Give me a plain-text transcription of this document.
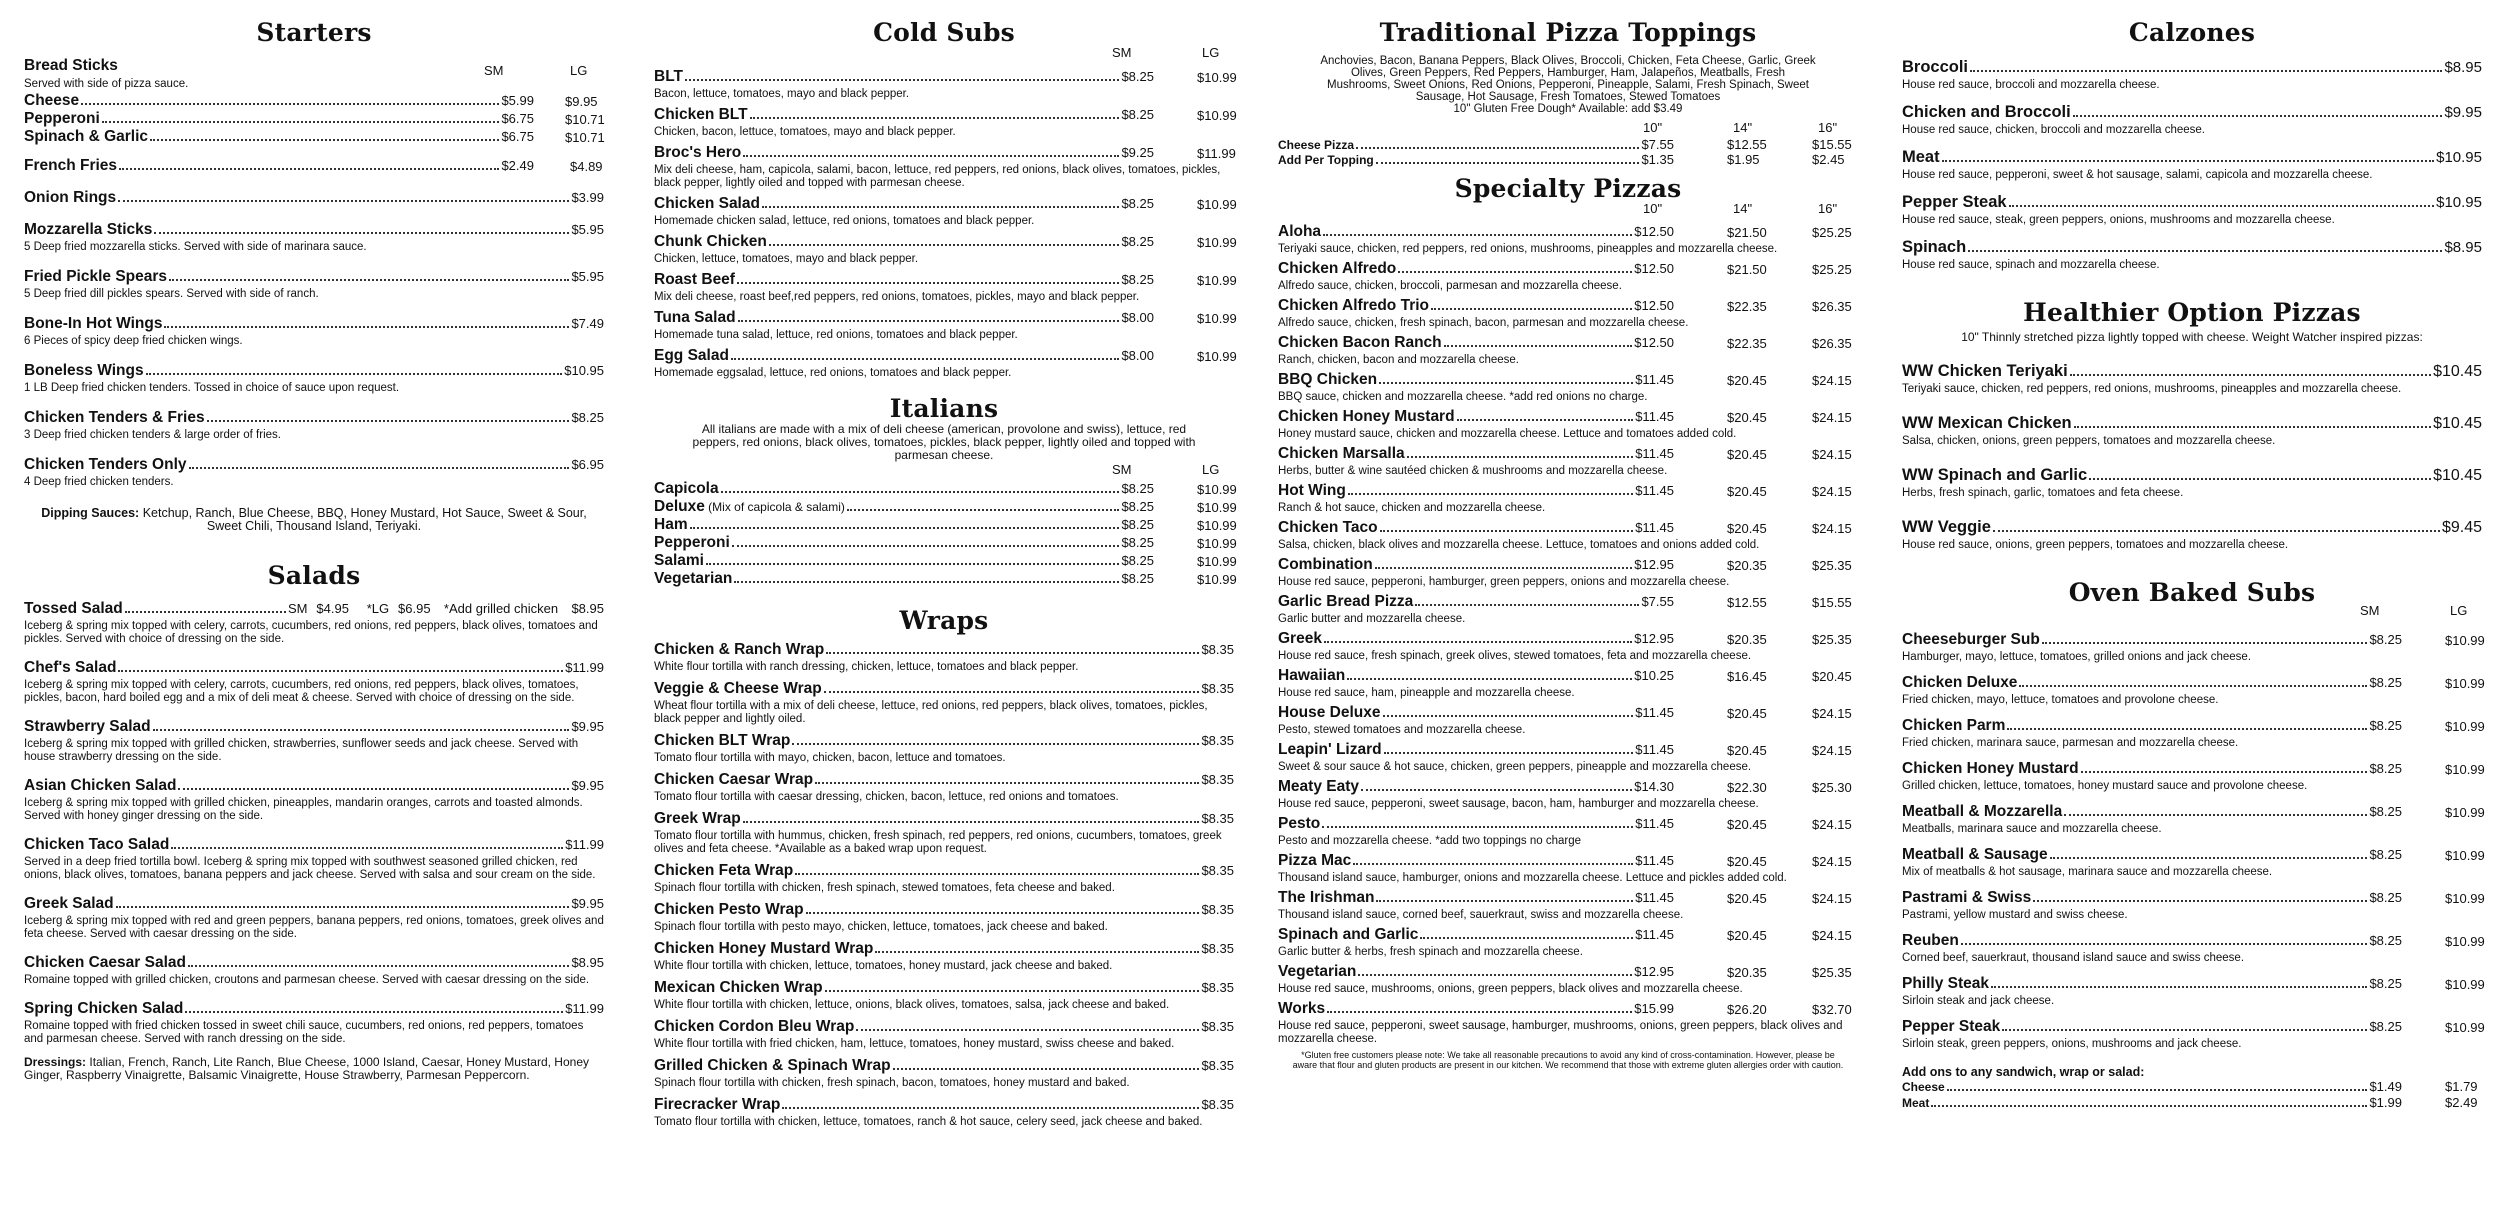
Starters
Bread Sticks	SM	LG
Served with side of pizza sauce.
Cheese	$5.99 $9.95
Pepperoni	$6.75 $10.71
Spinach & Garlic	$6.75 $10.71
French Fries	$2.49	$4.89
Onion Rings	$3.99
Mozzarella Sticks	$5.95
5 Deep fried mozzarella sticks. Served with side of marinara sauce.
Fried Pickle Spears	$5.95
5 Deep fried dill pickles spears. Served with side of ranch.
Bone-In Hot Wings	$7.49
6 Pieces of spicy deep fried chicken wings.
Boneless Wings	$10.95
1 LB Deep fried chicken tenders. Tossed in choice of sauce upon request.
Chicken Tenders & Fries	$8.25
3 Deep fried chicken tenders & large order of fries.
Chicken Tenders Only	$6.95
4 Deep fried chicken tenders.
Dipping Sauces: Ketchup, Ranch, Blue Cheese, BBQ, Honey Mustard, Hot Sauce, Sweet & Sour, Sweet Chili, Thousand Island, Teriyaki.
Salads
Tossed Salad	SM
$4.95
*LG
$6.95
*Add grilled chicken
$8.95
Iceberg & spring mix topped with celery, carrots, cucumbers, red onions, red peppers, black olives, tomatoes and pickles. Served with choice of dressing on the side.
Chef's Salad	$11.99
Iceberg & spring mix topped with celery, carrots, cucumbers, red onions, red peppers, black olives, tomatoes, pickles, bacon, hard boiled egg and a mix of deli meat & cheese. Served with choice of dressing on the side.
Strawberry Salad	$9.95
Iceberg & spring mix topped with grilled chicken, strawberries, sunflower seeds and jack cheese. Served with house strawberry dressing on the side.
Asian Chicken Salad	$9.95
Iceberg & spring mix topped with grilled chicken, pineapples, mandarin oranges, carrots and toasted almonds. Served with honey ginger dressing on the side.
Chicken Taco Salad	$11.99
Served in a deep fried tortilla bowl. Iceberg & spring mix topped with southwest seasoned grilled chicken, red onions, black olives, tomatoes, banana peppers and jack cheese. Served with salsa and sour cream on the side.
Greek Salad	$9.95
Iceberg & spring mix topped with red and green peppers, banana peppers, red onions, tomatoes, greek olives and feta cheese. Served with caesar dressing on the side.
Chicken Caesar Salad	$8.95
Romaine topped with grilled chicken, croutons and parmesan cheese. Served with caesar dressing on the side.
Spring Chicken Salad	$11.99
Romaine topped with fried chicken tossed in sweet chili sauce, cucumbers, red onions, red peppers, tomatoes and parmesan cheese. Served with ranch dressing on the side.
Dressings: Italian, French, Ranch, Lite Ranch, Blue Cheese, 1000 Island, Caesar, Honey Mustard, Honey Ginger, Raspberry Vinaigrette, Balsamic Vinaigrette, House Strawberry, Parmesan Peppercorn.
Cold Subs
SM	LG
BLT	$8.25	$10.99
Bacon, lettuce, tomatoes, mayo and black pepper.
Chicken BLT	$8.25	$10.99
Chicken, bacon, lettuce, tomatoes, mayo and black pepper.
Broc's Hero	$9.25	$11.99
Mix deli cheese, ham, capicola, salami, bacon, lettuce, red peppers, red onions, black olives, tomatoes, pickles, black pepper, lightly oiled and topped with parmesan cheese.
Chicken Salad	$8.25	$10.99
Homemade chicken salad, lettuce, red onions, tomatoes and black pepper.
Chunk Chicken	$8.25	$10.99
Chicken, lettuce, tomatoes, mayo and black pepper.
Roast Beef	$8.25	$10.99
Mix deli cheese, roast beef,red peppers, red onions, tomatoes, pickles, mayo and black pepper.
Tuna Salad	$8.00	$10.99
Homemade tuna salad, lettuce, red onions, tomatoes and black pepper.
Egg Salad	$8.00	$10.99
Homemade eggsalad, lettuce, red onions, tomatoes and black pepper.
Italians
All italians are made with a mix of deli cheese (american, provolone and swiss), lettuce, red peppers, red onions, black olives, tomatoes, pickles, black pepper, lightly oiled and topped with parmesan cheese.
SM	LG
Capicola	$8.25	$10.99
Deluxe (Mix of capicola & salami)	$8.25	$10.99
Ham	$8.25	$10.99
Pepperoni	$8.25	$10.99
Salami	$8.25	$10.99
Vegetarian	$8.25	$10.99
Wraps
Chicken & Ranch Wrap	$8.35
White flour tortilla with ranch dressing, chicken, lettuce, tomatoes and black pepper.
Veggie & Cheese Wrap	$8.35
Wheat flour tortilla with a mix of deli cheese, lettuce, red onions, red peppers, black olives, tomatoes, pickles, black pepper and lightly oiled.
Chicken BLT Wrap	$8.35
Tomato flour tortilla with mayo, chicken, bacon, lettuce and tomatoes.
Chicken Caesar Wrap	$8.35
Tomato flour tortilla with caesar dressing, chicken, bacon, lettuce, red onions and tomatoes.
Greek Wrap	$8.35
Tomato flour tortilla with hummus, chicken, fresh spinach, red peppers, red onions, cucumbers, tomatoes, greek olives and feta cheese. *Available as a baked wrap upon request.
Chicken Feta Wrap	$8.35
Spinach flour tortilla with chicken, fresh spinach, stewed tomatoes, feta cheese and baked.
Chicken Pesto Wrap	$8.35
Spinach flour tortilla with pesto mayo, chicken, lettuce, tomatoes, jack cheese and baked.
Chicken Honey Mustard Wrap	$8.35
White flour tortilla with chicken, lettuce, tomatoes, honey mustard, jack cheese and baked.
Mexican Chicken Wrap	$8.35
White flour tortilla with chicken, lettuce, onions, black olives, tomatoes, salsa, jack cheese and baked.
Chicken Cordon Bleu Wrap	$8.35
White flour tortilla with fried chicken, ham, lettuce, tomatoes, honey mustard, swiss cheese and baked.
Grilled Chicken & Spinach Wrap	$8.35
Spinach flour tortilla with chicken, fresh spinach, bacon, tomatoes, honey mustard and baked.
Firecracker Wrap	$8.35
Tomato flour tortilla with chicken, lettuce, tomatoes, ranch & hot sauce, celery seed, jack cheese and baked.
Traditional Pizza Toppings
Anchovies, Bacon, Banana Peppers, Black Olives, Broccoli, Chicken, Feta Cheese, Garlic, Greek Olives, Green Peppers, Red Peppers, Hamburger, Ham, Jalapeños, Meatballs, Fresh Mushrooms, Sweet Onions, Red Onions, Pepperoni, Pineapple, Salami, Fresh Spinach, Sweet Sausage, Hot Sausage, Fresh Tomatoes, Stewed Tomatoes
10" Gluten Free Dough* Available: add $3.49
10"	14"	16"
Cheese Pizza	$7.55	$12.55	$15.55
Add Per Topping	$1.35	$1.95	$2.45
Specialty Pizzas
10"	14"	16"
Aloha	$12.50	$21.50	$25.25
Teriyaki sauce, chicken, red peppers, red onions, mushrooms, pineapples and mozzarella cheese.
Chicken Alfredo	$12.50	$21.50	$25.25
Alfredo sauce, chicken, broccoli, parmesan and mozzarella cheese.
Chicken Alfredo Trio	$12.50	$22.35	$26.35
Alfredo sauce, chicken, fresh spinach, bacon, parmesan and mozzarella cheese.
Chicken Bacon Ranch	$12.50	$22.35	$26.35
Ranch, chicken, bacon and mozzarella cheese.
BBQ Chicken	$11.45	$20.45	$24.15
BBQ sauce, chicken and mozzarella cheese. *add red onions no charge.
Chicken Honey Mustard	$11.45	$20.45	$24.15
Honey mustard sauce, chicken and mozzarella cheese. Lettuce and tomatoes added cold.
Chicken Marsalla	$11.45	$20.45	$24.15
Herbs, butter & wine sautéed chicken & mushrooms and mozzarella cheese.
Hot Wing	$11.45	$20.45	$24.15
Ranch & hot sauce, chicken and mozzarella cheese.
Chicken Taco	$11.45	$20.45	$24.15
Salsa, chicken, black olives and mozzarella cheese. Lettuce, tomatoes and onions added cold.
Combination	$12.95	$20.35	$25.35
House red sauce, pepperoni, hamburger, green peppers, onions and mozzarella cheese.
Garlic Bread Pizza	$7.55	$12.55	$15.55
Garlic butter and mozzarella cheese.
Greek	$12.95	$20.35	$25.35
House red sauce, fresh spinach, greek olives, stewed tomatoes, feta and mozzarella cheese.
Hawaiian	$10.25	$16.45	$20.45
House red sauce, ham, pineapple and mozzarella cheese.
House Deluxe	$11.45	$20.45	$24.15
Pesto, stewed tomatoes and mozzarella cheese.
Leapin' Lizard	$11.45	$20.45	$24.15
Sweet & sour sauce & hot sauce, chicken, green peppers, pineapple and mozzarella cheese.
Meaty Eaty	$14.30	$22.30	$25.30
House red sauce, pepperoni, sweet sausage, bacon, ham, hamburger and mozzarella cheese.
Pesto	$11.45	$20.45	$24.15
Pesto and mozzarella cheese. *add two toppings no charge
Pizza Mac	$11.45	$20.45	$24.15
Thousand island sauce, hamburger, onions and mozzarella cheese. Lettuce and pickles added cold.
The Irishman	$11.45	$20.45	$24.15
Thousand island sauce, corned beef, sauerkraut, swiss and mozzarella cheese.
Spinach and Garlic	$11.45	$20.45	$24.15
Garlic butter & herbs, fresh spinach and mozzarella cheese.
Vegetarian	$12.95	$20.35	$25.35
House red sauce, mushrooms, onions, green peppers, black olives and mozzarella cheese.
Works	$15.99	$26.20	$32.70
House red sauce, pepperoni, sweet sausage, hamburger, mushrooms, onions, green peppers, black olives and mozzarella cheese.
*Gluten free customers please note: We take all reasonable precautions to avoid any kind of cross-contamination. However, please be aware that flour and gluten products are present in our kitchen. We recommend that those with extreme gluten allergies order with caution.
Calzones
Broccoli	$8.95
House red sauce, broccoli and mozzarella cheese.
Chicken and Broccoli	$9.95
House red sauce, chicken, broccoli and mozzarella cheese.
Meat	$10.95
House red sauce, pepperoni, sweet & hot sausage, salami, capicola and mozzarella cheese.
Pepper Steak	$10.95
House red sauce, steak, green peppers, onions, mushrooms and mozzarella cheese.
Spinach	$8.95
House red sauce, spinach and mozzarella cheese.
Healthier Option Pizzas
10" Thinnly stretched pizza lightly topped with cheese. Weight Watcher inspired pizzas:
WW Chicken Teriyaki	$10.45
Teriyaki sauce, chicken, red peppers, red onions, mushrooms, pineapples and mozzarella cheese.
WW Mexican Chicken	$10.45
Salsa, chicken, onions, green peppers, tomatoes and mozzarella cheese.
WW Spinach and Garlic	$10.45
Herbs, fresh spinach, garlic, tomatoes and feta cheese.
WW Veggie	$9.45
House red sauce, onions, green peppers, tomatoes and mozzarella cheese.
Oven Baked Subs
SM	LG
Cheeseburger Sub	$8.25	$10.99
Hamburger, mayo, lettuce, tomatoes, grilled onions and jack cheese.
Chicken Deluxe	$8.25	$10.99
Fried chicken, mayo, lettuce, tomatoes and provolone cheese.
Chicken Parm	$8.25	$10.99
Fried chicken, marinara sauce, parmesan and mozzarella cheese.
Chicken Honey Mustard	$8.25	$10.99
Grilled chicken, lettuce, tomatoes, honey mustard sauce and provolone cheese.
Meatball & Mozzarella	$8.25	$10.99
Meatballs, marinara sauce and mozzarella cheese.
Meatball & Sausage	$8.25	$10.99
Mix of meatballs & hot sausage, marinara sauce and mozzarella cheese.
Pastrami & Swiss	$8.25	$10.99
Pastrami, yellow mustard and swiss cheese.
Reuben	$8.25	$10.99
Corned beef, sauerkraut, thousand island sauce and swiss cheese.
Philly Steak	$8.25	$10.99
Sirloin steak and jack cheese.
Pepper Steak	$8.25	$10.99
Sirloin steak, green peppers, onions, mushrooms and jack cheese.
Add ons to any sandwich, wrap or salad:
Cheese	$1.49	$1.79
Meat	$1.99	$2.49
